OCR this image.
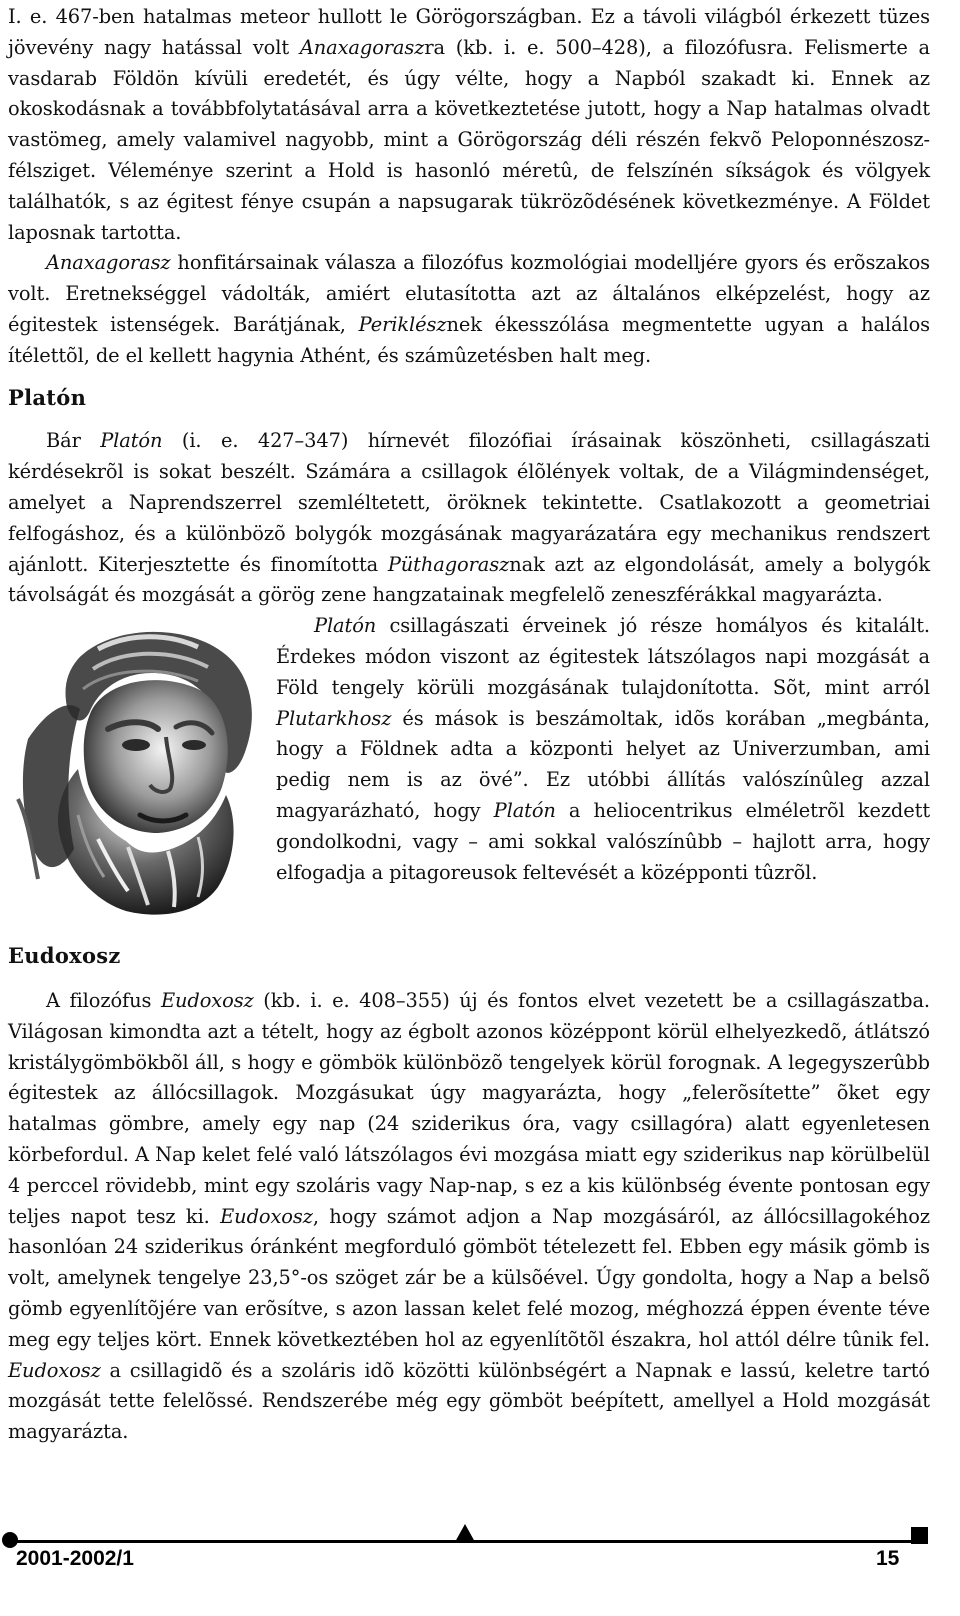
I. e. 467-ben hatalmas meteor hullott le Görögországban. Ez a távoli világból érkezett tüzes jövevény nagy hatással volt Anaxagoraszra (kb. i. e. 500–428), a filozófusra. Felismerte a vasdarab Földön kívüli eredetét, és úgy vélte, hogy a Napból szakadt ki. Ennek az okoskodásnak a továbbfolytatásával arra a következtetése jutott, hogy a Nap hatalmas olvadt vastömeg, amely valamivel nagyobb, mint a Görögország déli részén fekvõ Peloponnészosz-félsziget. Véleménye szerint a Hold is hasonló méretû, de felszínén síkságok és völgyek találhatók, s az égitest fénye csupán a napsugarak tükrözõdésének következménye. A Földet laposnak tartotta.

Anaxagorasz honfitársainak válasza a filozófus kozmológiai modelljére gyors és erõszakos volt. Eretnekséggel vádolták, amiért elutasította azt az általános elképzelést, hogy az égitestek istenségek. Barátjának, Periklésznek ékesszólása megmentette ugyan a halálos ítélettõl, de el kellett hagynia Athént, és számûzetésben halt meg.

Platón

Bár Platón (i. e. 427–347) hírnevét filozófiai írásainak köszönheti, csillagászati kérdésekrõl is sokat beszélt. Számára a csillagok élõlények voltak, de a Világmindenséget, amelyet a Naprendszerrel szemléltetett, öröknek tekintette. Csatlakozott a geometriai felfogáshoz, és a különbözõ bolygók mozgásának magyarázatára egy mechanikus rendszert ajánlott. Kiterjesztette és finomította Püthagorasznak azt az elgondolását, amely a bolygók távolságát és mozgását a görög zene hangzatainak megfelelõ zeneszférákkal magyarázta.

Platón csillagászati érveinek jó része homályos és kitalált. Érdekes módon viszont az égitestek látszólagos napi mozgását a Föld tengely körüli mozgásának tulajdonította. Sõt, mint arról Plutarkhosz és mások is beszámoltak, idõs korában „megbánta, hogy a Földnek adta a központi helyet az Univerzumban, ami pedig nem is az övé”. Ez utóbbi állítás valószínûleg azzal magyarázható, hogy Platón a heliocentrikus elméletrõl kezdett gondolkodni, vagy – ami sokkal valószínûbb – hajlott arra, hogy elfogadja a pitagoreusok feltevését a középponti tûzrõl.

Eudoxosz

A filozófus Eudoxosz (kb. i. e. 408–355) új és fontos elvet vezetett be a csillagászatba. Világosan kimondta azt a tételt, hogy az égbolt azonos középpont körül elhelyezkedõ, átlátszó kristálygömbökbõl áll, s hogy e gömbök különbözõ tengelyek körül forognak. A legegyszerûbb égitestek az állócsillagok. Mozgásukat úgy magyarázta, hogy „felerõsítette” õket egy hatalmas gömbre, amely egy nap (24 sziderikus óra, vagy csillagóra) alatt egyenletesen körbefordul. A Nap kelet felé való látszólagos évi mozgása miatt egy sziderikus nap körülbelül 4 perccel rövidebb, mint egy szoláris vagy Nap-nap, s ez a kis különbség évente pontosan egy teljes napot tesz ki. Eudoxosz, hogy számot adjon a Nap mozgásáról, az állócsillagokéhoz hasonlóan 24 sziderikus óránként megforduló gömböt tételezett fel. Ebben egy másik gömb is volt, amelynek tengelye 23,5°-os szöget zár be a külsõével. Úgy gondolta, hogy a Nap a belsõ gömb egyenlítõjére van erõsítve, s azon lassan kelet felé mozog, méghozzá éppen évente téve meg egy teljes kört. Ennek következtében hol az egyenlítõtõl északra, hol attól délre tûnik fel. Eudoxosz a csillagidõ és a szoláris idõ közötti különbségért a Napnak e lassú, keletre tartó mozgását tette felelõssé. Rendszerébe még egy gömböt beépített, amellyel a Hold mozgását magyarázta.

2001-2002/1	15
